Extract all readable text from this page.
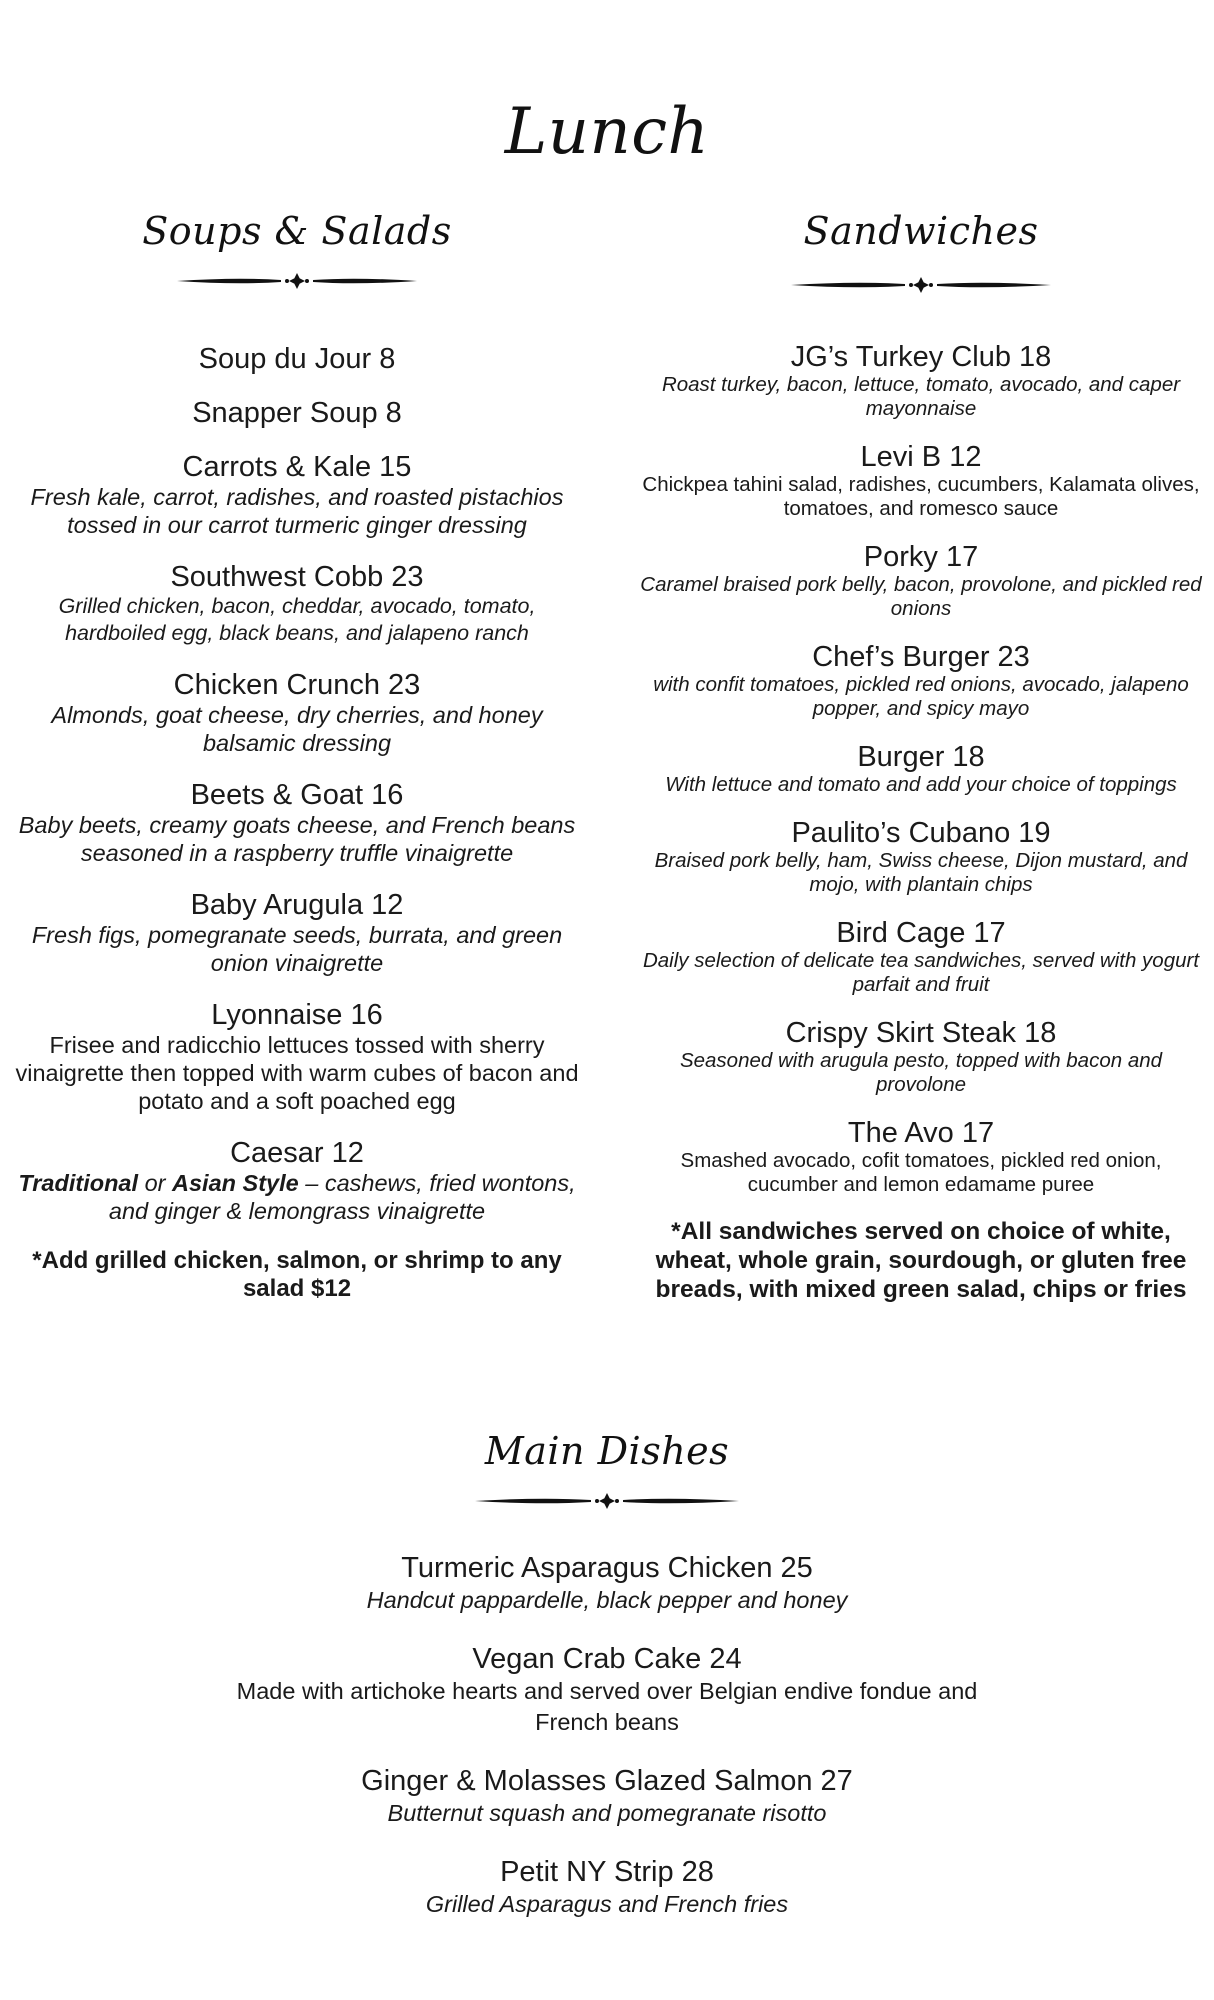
Lunch
Soups & Salads
Soup du Jour 8
Snapper Soup 8
Carrots & Kale 15
Fresh kale, carrot, radishes, and roasted pistachios tossed in our carrot turmeric ginger dressing
Southwest Cobb 23
Grilled chicken, bacon, cheddar, avocado, tomato, hardboiled egg, black beans, and jalapeno ranch
Chicken Crunch 23
Almonds, goat cheese, dry cherries, and honey balsamic dressing
Beets & Goat 16
Baby beets, creamy goats cheese, and French beans seasoned in a raspberry truffle vinaigrette
Baby Arugula 12
Fresh figs, pomegranate seeds, burrata, and green onion vinaigrette
Lyonnaise 16
Frisee and radicchio lettuces tossed with sherry vinaigrette then topped with warm cubes of bacon and potato and a soft poached egg
Caesar 12
Traditional or Asian Style – cashews, fried wontons, and ginger & lemongrass vinaigrette
*Add grilled chicken, salmon, or shrimp to any salad $12
Sandwiches
JG’s Turkey Club 18
Roast turkey, bacon, lettuce, tomato, avocado, and caper mayonnaise
Levi B 12
Chickpea tahini salad, radishes, cucumbers, Kalamata olives, tomatoes, and romesco sauce
Porky 17
Caramel braised pork belly, bacon, provolone, and pickled red onions
Chef’s Burger 23
with confit tomatoes, pickled red onions, avocado, jalapeno popper, and spicy mayo
Burger 18
With lettuce and tomato and add your choice of toppings
Paulito’s Cubano 19
Braised pork belly, ham, Swiss cheese, Dijon mustard, and mojo, with plantain chips
Bird Cage 17
Daily selection of delicate tea sandwiches, served with yogurt parfait and fruit
Crispy Skirt Steak 18
Seasoned with arugula pesto, topped with bacon and provolone
The Avo 17
Smashed avocado, cofit tomatoes, pickled red onion, cucumber and lemon edamame puree
*All sandwiches served on choice of white, wheat, whole grain, sourdough, or gluten free breads, with mixed green salad, chips or fries
Main Dishes
Turmeric Asparagus Chicken 25
Handcut pappardelle, black pepper and honey
Vegan Crab Cake 24
Made with artichoke hearts and served over Belgian endive fondue and French beans
Ginger & Molasses Glazed Salmon 27
Butternut squash and pomegranate risotto
Petit NY Strip 28
Grilled Asparagus and French fries
